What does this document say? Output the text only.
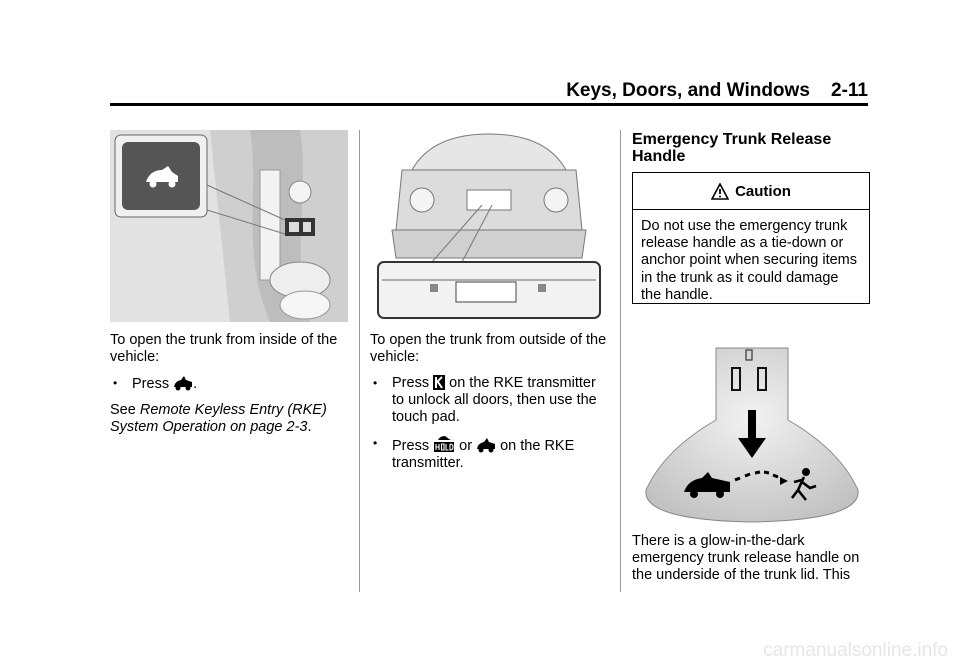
Keys, Doors, and Windows 2-11

To open the trunk from inside of the vehicle:

• Press .

See Remote Keyless Entry (RKE) System Operation on page 2-3.

To open the trunk from outside of the vehicle:

• Press on the RKE transmitter to unlock all doors, then use the touch pad.
• Press or on the RKE transmitter.
Emergency Trunk Release Handle
Caution
Do not use the emergency trunk release handle as a tie-down or anchor point when securing items in the trunk as it could damage the handle.

There is a glow-in-the-dark emergency trunk release handle on the underside of the trunk lid. This

carmanualsonline.info
